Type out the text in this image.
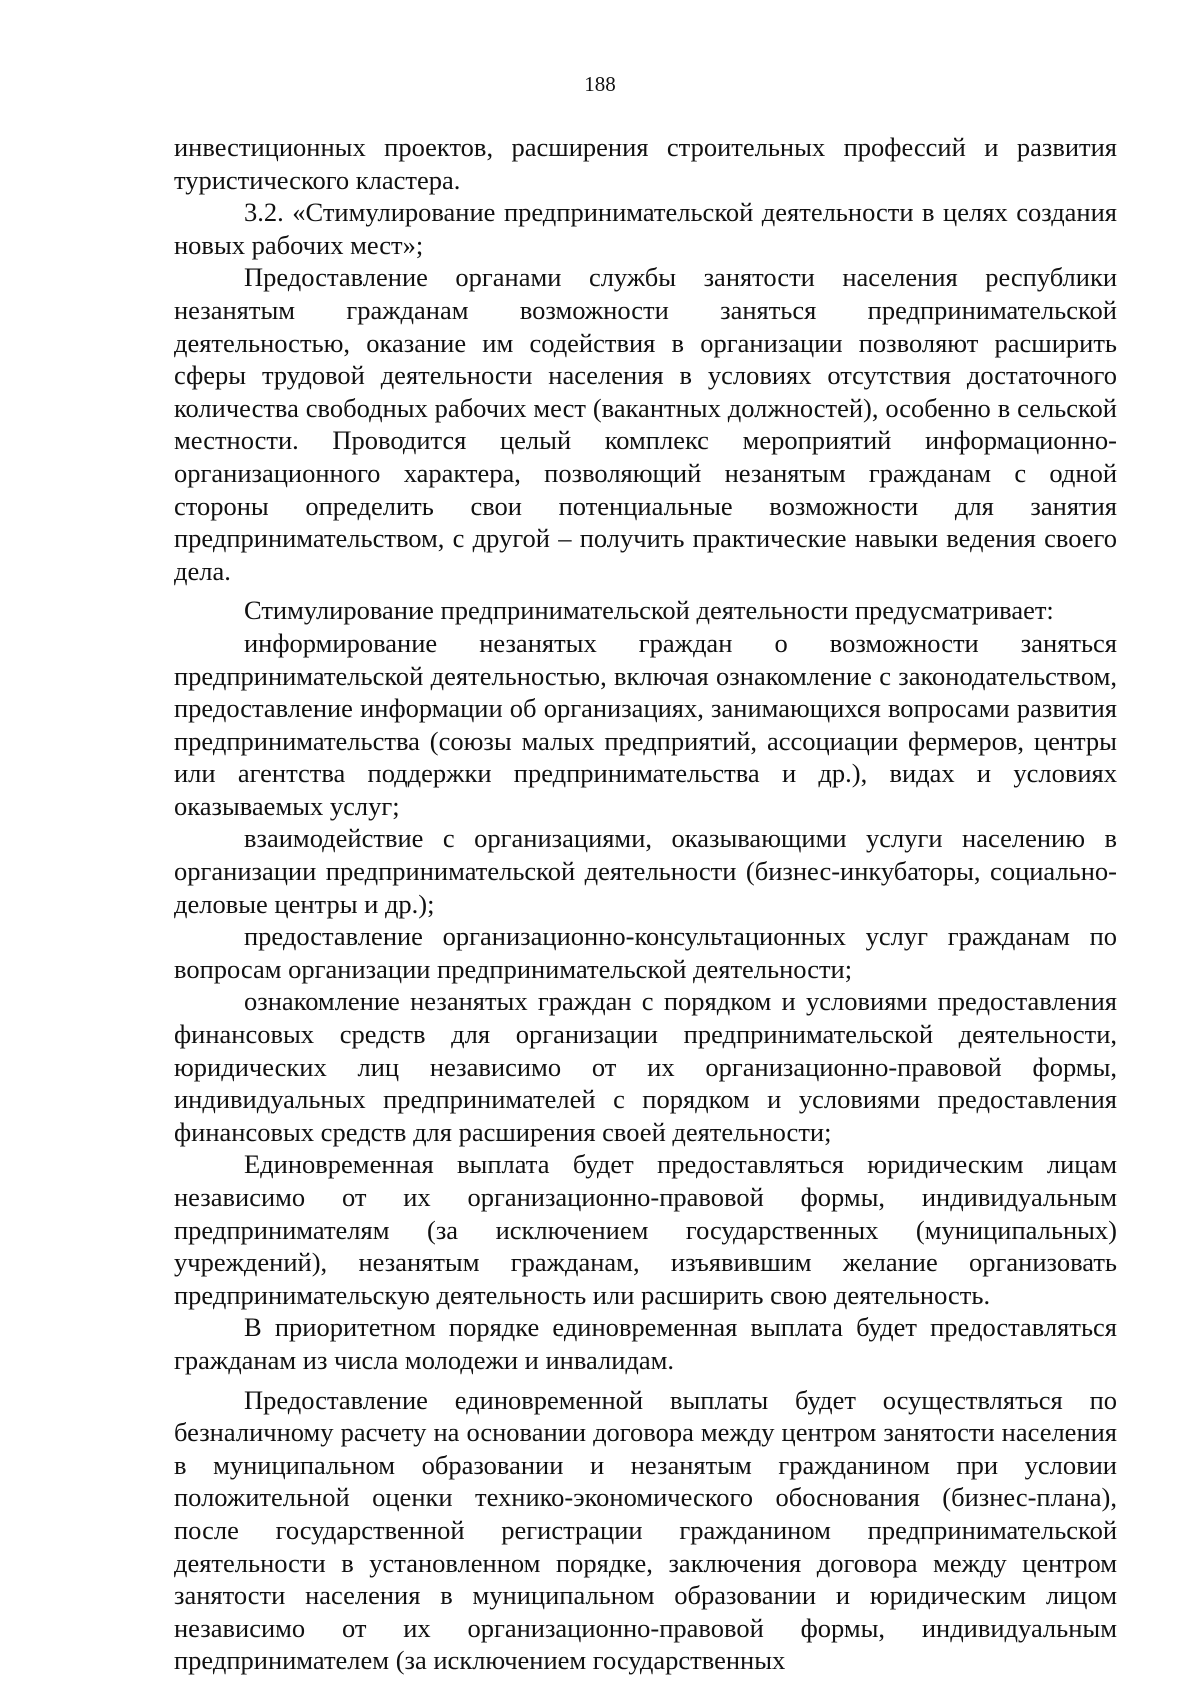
188

инвестиционных проектов, расширения строительных профессий и развития туристического кластера.

3.2. «Стимулирование предпринимательской деятельности в целях создания новых рабочих мест»;

Предоставление органами службы занятости населения республики незанятым гражданам возможности заняться предпринимательской деятельностью, оказание им содействия в организации позволяют расширить сферы трудовой деятельности населения в условиях отсутствия достаточного количества свободных рабочих мест (вакантных должностей), особенно в сельской местности. Проводится целый комплекс мероприятий информационно-организационного характера, позволяющий незанятым гражданам с одной стороны определить свои потенциальные возможности для занятия предпринимательством, с другой – получить практические навыки ведения своего дела.

Стимулирование предпринимательской деятельности предусматривает:

информирование незанятых граждан о возможности заняться предпринимательской деятельностью, включая ознакомление с законодательством, предоставление информации об организациях, занимающихся вопросами развития предпринимательства (союзы малых предприятий, ассоциации фермеров, центры или агентства поддержки предпринимательства и др.), видах и условиях оказываемых услуг;

взаимодействие с организациями, оказывающими услуги населению в организации предпринимательской деятельности (бизнес-инкубаторы, социально-деловые центры и др.);

предоставление организационно-консультационных услуг гражданам по вопросам организации предпринимательской деятельности;

ознакомление незанятых граждан с порядком и условиями предоставления финансовых средств для организации предпринимательской деятельности, юридических лиц независимо от их организационно-правовой формы, индивидуальных предпринимателей с порядком и условиями предоставления финансовых средств для расширения своей деятельности;

Единовременная выплата будет предоставляться юридическим лицам независимо от их организационно-правовой формы, индивидуальным предпринимателям (за исключением государственных (муниципальных) учреждений), незанятым гражданам, изъявившим желание организовать предпринимательскую деятельность или расширить свою деятельность.

В приоритетном порядке единовременная выплата будет предоставляться гражданам из числа молодежи и инвалидам.

Предоставление единовременной выплаты будет осуществляться по безналичному расчету на основании договора между центром занятости населения в муниципальном образовании и незанятым гражданином при условии положительной оценки технико-экономического обоснования (бизнес-плана), после государственной регистрации гражданином предпринимательской деятельности в установленном порядке, заключения договора между центром занятости населения в муниципальном образовании и юридическим лицом независимо от их организационно-правовой формы, индивидуальным предпринимателем (за исключением государственных
